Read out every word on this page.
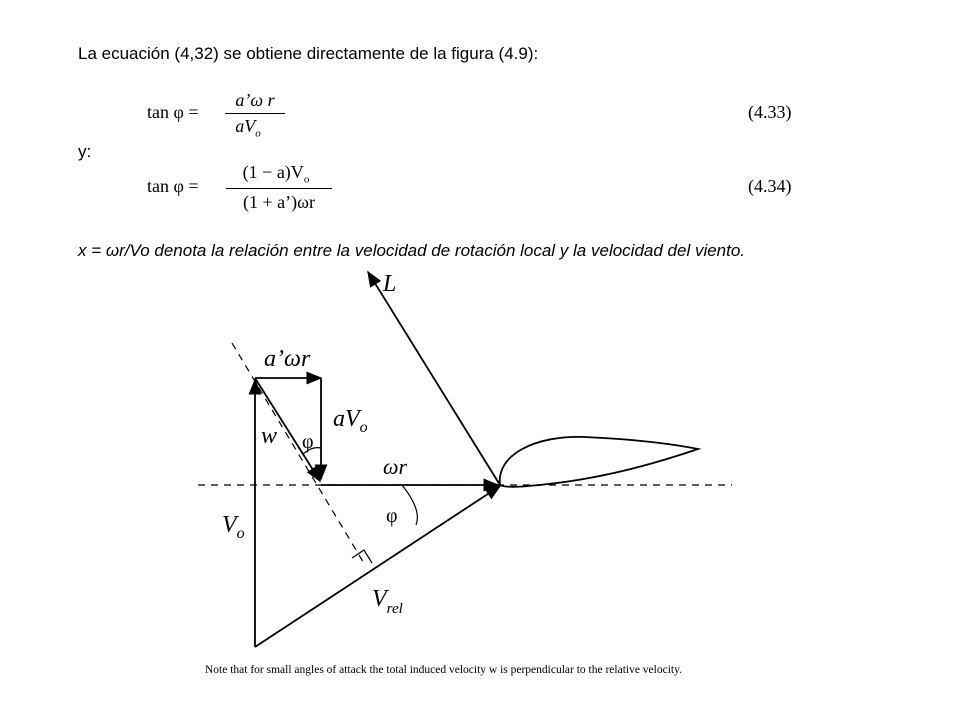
La ecuación (4,32) se obtiene directamente de la figura (4.9):
tan φ =
a’ω r
$aV_o$
(4.33)
y:
tan φ =
$(1 - a)V_o$
(1 + a’)ωr
(4.34)
x = ωr/Vo denota la relación entre la velocidad de rotación local y la velocidad del viento.
L
a’ωr
w φ
$aV_o$
ωr
φ
$V_o$
$V_{rel}$
Note that for small angles of attack the total induced velocity w is perpendicular to the relative velocity.
